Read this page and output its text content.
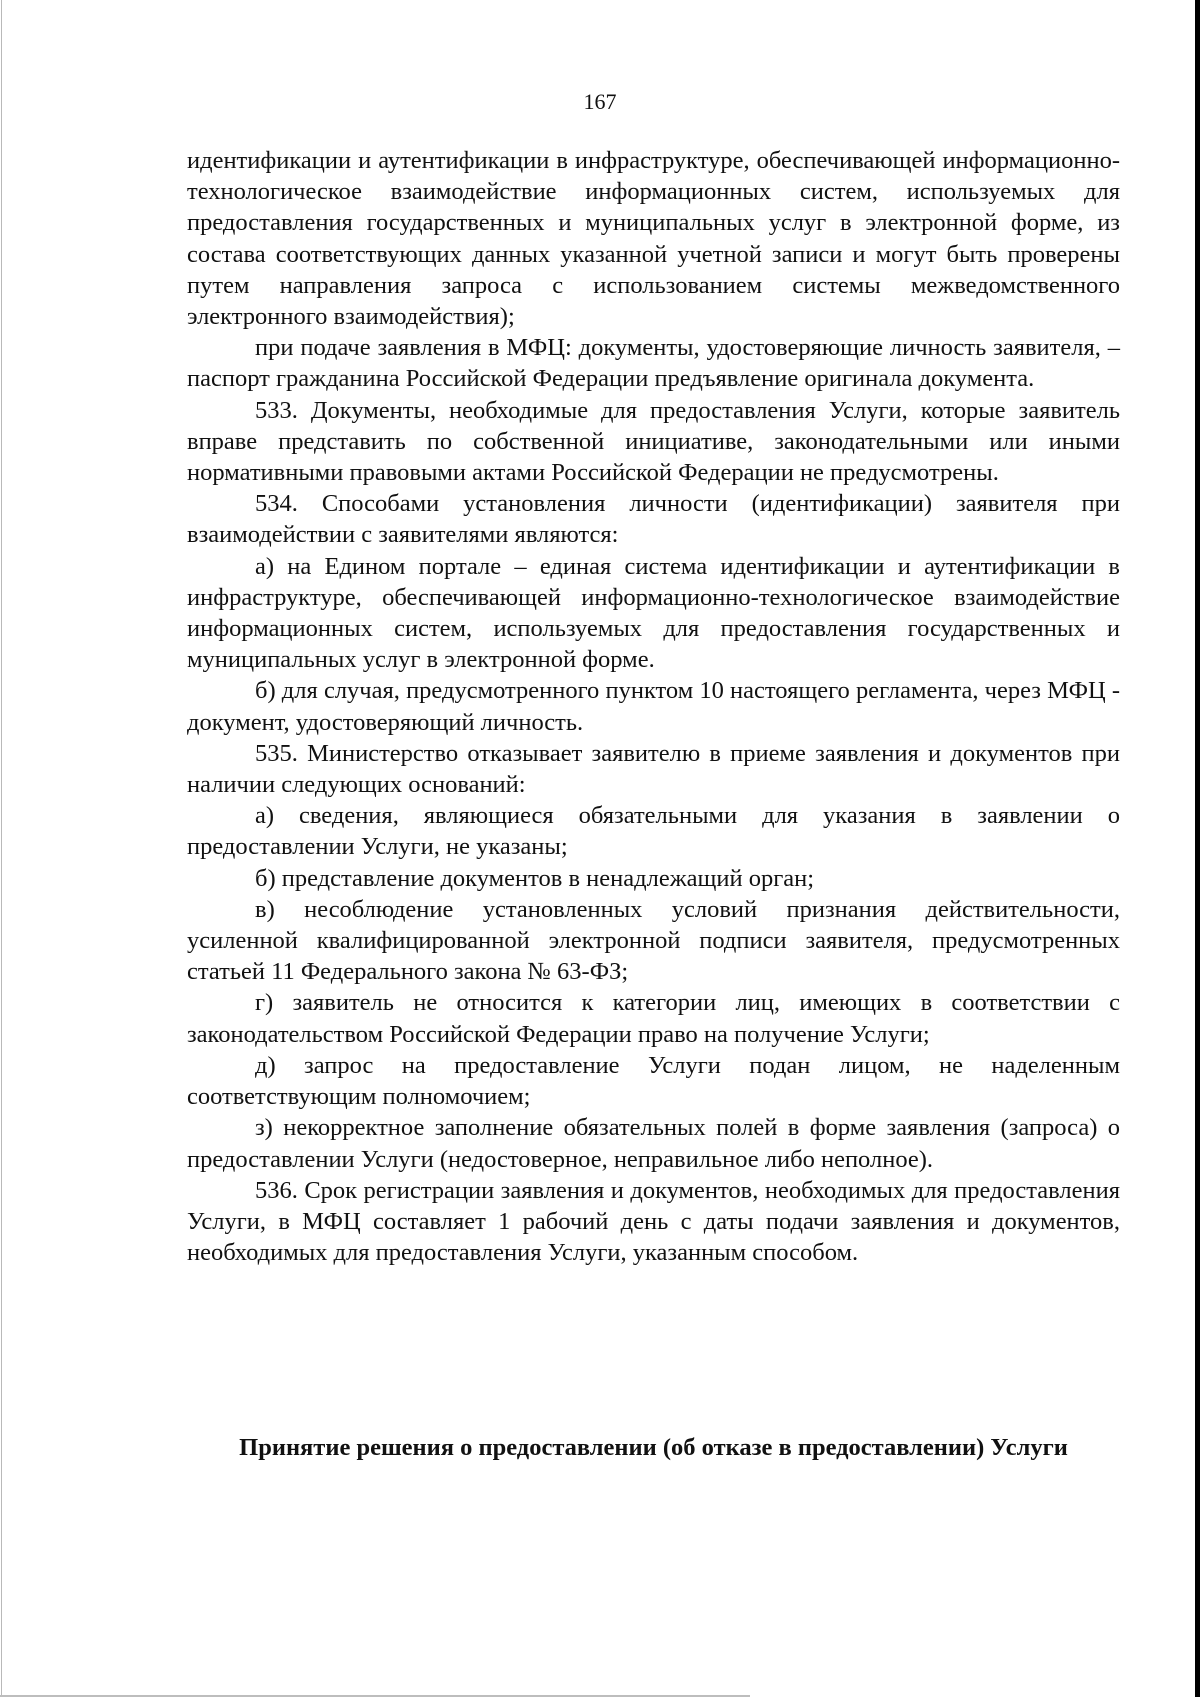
167

идентификации и аутентификации в инфраструктуре, обеспечивающей информационно-технологическое взаимодействие информационных систем, используемых для предоставления государственных и муниципальных услуг в электронной форме, из состава соответствующих данных указанной учетной записи и могут быть проверены путем направления запроса с использованием системы межведомственного электронного взаимодействия);

при подаче заявления в МФЦ: документы, удостоверяющие личность заявителя, – паспорт гражданина Российской Федерации предъявление оригинала документа.

533. Документы, необходимые для предоставления Услуги, которые заявитель вправе представить по собственной инициативе, законодательными или иными нормативными правовыми актами Российской Федерации не предусмотрены.

534. Способами установления личности (идентификации) заявителя при взаимодействии с заявителями являются:

а) на Едином портале – единая система идентификации и аутентификации в инфраструктуре, обеспечивающей информационно-технологическое взаимодействие информационных систем, используемых для предоставления государственных и муниципальных услуг в электронной форме.

б) для случая, предусмотренного пунктом 10 настоящего регламента, через МФЦ - документ, удостоверяющий личность.

535. Министерство отказывает заявителю в приеме заявления и документов при наличии следующих оснований:

а) сведения, являющиеся обязательными для указания в заявлении о предоставлении Услуги, не указаны;

б) представление документов в ненадлежащий орган;

в) несоблюдение установленных условий признания действительности, усиленной квалифицированной электронной подписи заявителя, предусмотренных статьей 11 Федерального закона № 63-ФЗ;

г) заявитель не относится к категории лиц, имеющих в соответствии с законодательством Российской Федерации право на получение Услуги;

д) запрос на предоставление Услуги подан лицом, не наделенным соответствующим полномочием;

з) некорректное заполнение обязательных полей в форме заявления (запроса) о предоставлении Услуги (недостоверное, неправильное либо неполное).

536. Срок регистрации заявления и документов, необходимых для предоставления Услуги, в МФЦ составляет 1 рабочий день с даты подачи заявления и документов, необходимых для предоставления Услуги, указанным способом.

Принятие решения о предоставлении (об отказе в предоставлении) Услуги
